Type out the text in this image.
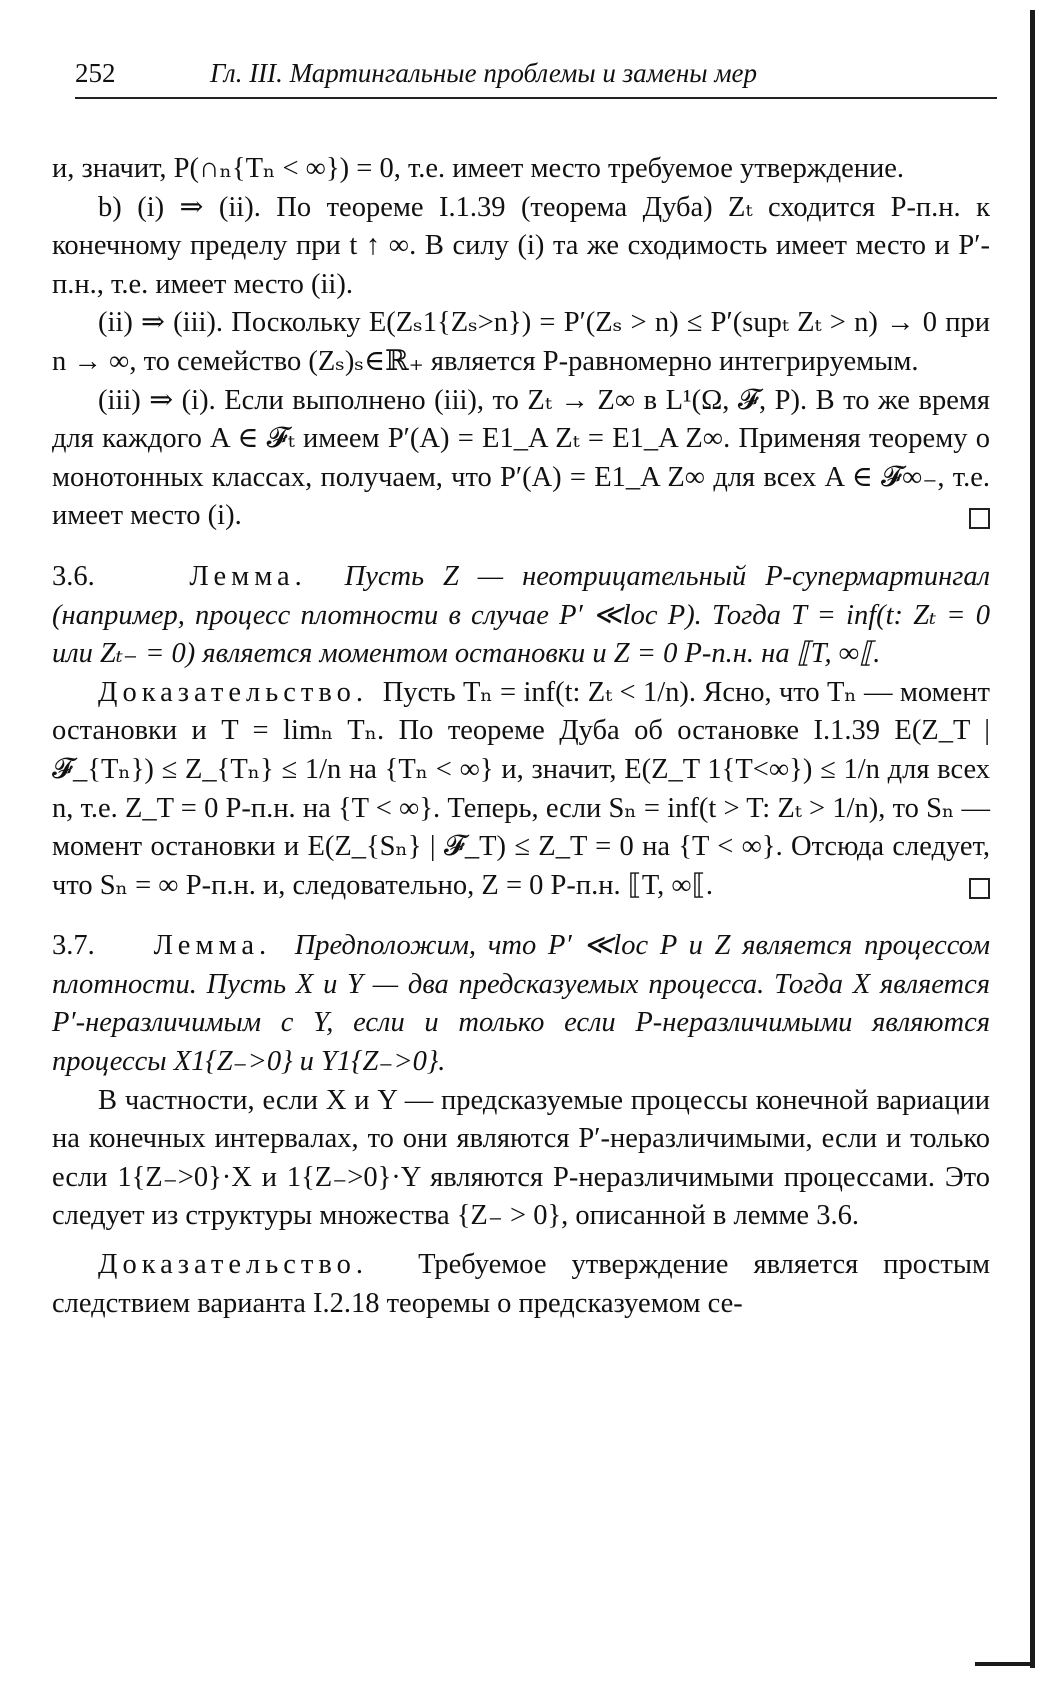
252	Гл. III. Мартингальные проблемы и замены мер

и, значит, P(∩ₙ{Tₙ < ∞}) = 0, т.е. имеет место требуемое утверждение.

b) (i) ⇒ (ii). По теореме I.1.39 (теорема Дуба) Zₜ сходится P-п.н. к конечному пределу при t ↑ ∞. В силу (i) та же сходимость имеет место и P′-п.н., т.е. имеет место (ii).

(ii) ⇒ (iii). Поскольку E(Zₛ1{Zₛ>n}) = P′(Zₛ > n) ≤ P′(supₜ Zₜ > n) → 0 при n → ∞, то семейство (Zₛ)ₛ∈ℝ₊ является P-равномерно интегрируемым.

(iii) ⇒ (i). Если выполнено (iii), то Zₜ → Z∞ в L¹(Ω, 𝓕, P). В то же время для каждого A ∈ 𝓕ₜ имеем P′(A) = E1_A Zₜ = E1_A Z∞. Применяя теорему о монотонных классах, получаем, что P′(A) = E1_A Z∞ для всех A ∈ 𝓕∞₋, т.е. имеет место (i).

3.6.	Лемма. Пусть Z — неотрицательный P-супермартингал (например, процесс плотности в случае P′ ≪loc P). Тогда T = inf(t: Zₜ = 0 или Zₜ₋ = 0) является моментом остановки и Z = 0 P-п.н. на ⟦T, ∞⟦.

Доказательство. Пусть Tₙ = inf(t: Zₜ < 1/n). Ясно, что Tₙ — момент остановки и T = limₙ Tₙ. По теореме Дуба об остановке I.1.39 E(Z_T | 𝓕_{Tₙ}) ≤ Z_{Tₙ} ≤ 1/n на {Tₙ < ∞} и, значит, E(Z_T 1{T<∞}) ≤ 1/n для всех n, т.е. Z_T = 0 P-п.н. на {T < ∞}. Теперь, если Sₙ = inf(t > T: Zₜ > 1/n), то Sₙ — момент остановки и E(Z_{Sₙ} | 𝓕_T) ≤ Z_T = 0 на {T < ∞}. Отсюда следует, что Sₙ = ∞ P-п.н. и, следовательно, Z = 0 P-п.н. ⟦T, ∞⟦.

3.7. Лемма. Предположим, что P′ ≪loc P и Z является процессом плотности. Пусть X и Y — два предсказуемых процесса. Тогда X является P′-неразличимым с Y, если и только если P-неразличимыми являются процессы X1{Z₋>0} и Y1{Z₋>0}.

В частности, если X и Y — предсказуемые процессы конечной вариации на конечных интервалах, то они являются P′-неразличимыми, если и только если 1{Z₋>0}·X и 1{Z₋>0}·Y являются P-неразличимыми процессами. Это следует из структуры множества {Z₋ > 0}, описанной в лемме 3.6.

Доказательство. Требуемое утверждение является простым следствием варианта I.2.18 теоремы о предсказуемом се-
